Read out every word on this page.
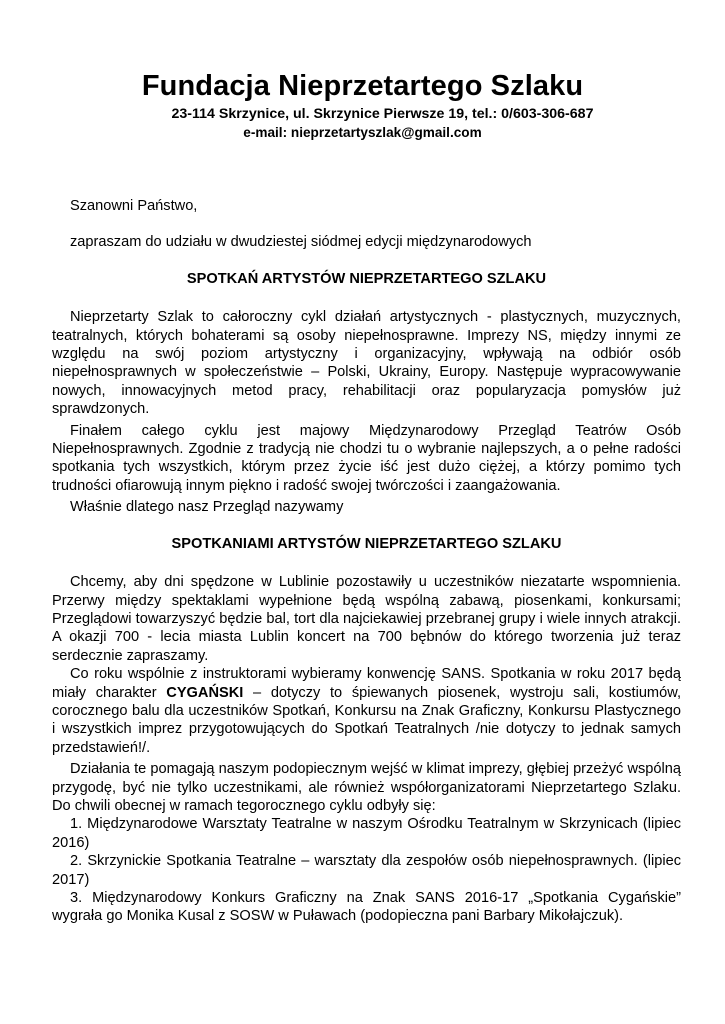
Fundacja Nieprzetartego Szlaku
23-114 Skrzynice, ul. Skrzynice Pierwsze 19, tel.: 0/603-306-687
e-mail: nieprzetartyszlak@gmail.com

Szanowni Państwo,

zapraszam do udziału w dwudziestej siódmej edycji międzynarodowych

SPOTKAŃ ARTYSTÓW NIEPRZETARTEGO SZLAKU

Nieprzetarty Szlak to całoroczny cykl działań artystycznych - plastycznych, muzycznych, teatralnych, których bohaterami są osoby niepełnosprawne. Imprezy NS, między innymi ze względu na swój poziom artystyczny i organizacyjny, wpływają na odbiór osób niepełnosprawnych w społeczeństwie – Polski, Ukrainy, Europy. Następuje wypracowywanie nowych, innowacyjnych metod pracy, rehabilitacji oraz popularyzacja pomysłów już sprawdzonych.

Finałem całego cyklu jest majowy Międzynarodowy Przegląd Teatrów Osób Niepełnosprawnych. Zgodnie z tradycją nie chodzi tu o wybranie najlepszych, a o pełne radości spotkania tych wszystkich, którym przez życie iść jest dużo ciężej, a którzy pomimo tych trudności ofiarowują innym piękno i radość swojej twórczości i zaangażowania.

Właśnie dlatego nasz Przegląd nazywamy

SPOTKANIAMI ARTYSTÓW NIEPRZETARTEGO SZLAKU

Chcemy, aby dni spędzone w Lublinie pozostawiły u uczestników niezatarte wspomnienia. Przerwy między spektaklami wypełnione będą wspólną zabawą, piosenkami, konkursami; Przeglądowi towarzyszyć będzie bal, tort dla najciekawiej przebranej grupy i wiele innych atrakcji. A okazji 700 - lecia miasta Lublin koncert na 700 bębnów do którego tworzenia już teraz serdecznie zapraszamy.

Co roku wspólnie z instruktorami wybieramy konwencję SANS. Spotkania w roku 2017 będą miały charakter CYGAŃSKI – dotyczy to śpiewanych piosenek, wystroju sali, kostiumów, corocznego balu dla uczestników Spotkań, Konkursu na Znak Graficzny, Konkursu Plastycznego i wszystkich imprez przygotowujących do Spotkań Teatralnych /nie dotyczy to jednak samych przedstawień!/.

Działania te pomagają naszym podopiecznym wejść w klimat imprezy, głębiej przeżyć wspólną przygodę, być nie tylko uczestnikami, ale również współorganizatorami Nieprzetartego Szlaku. Do chwili obecnej w ramach tegorocznego cyklu odbyły się:

1. Międzynarodowe Warsztaty Teatralne w naszym Ośrodku Teatralnym w Skrzynicach (lipiec 2016)

2. Skrzynickie Spotkania Teatralne – warsztaty dla zespołów osób niepełnosprawnych. (lipiec 2017)

3. Międzynarodowy Konkurs Graficzny na Znak SANS 2016-17 „Spotkania Cygańskie” wygrała go Monika Kusal z SOSW w Puławach (podopieczna pani Barbary Mikołajczuk).
